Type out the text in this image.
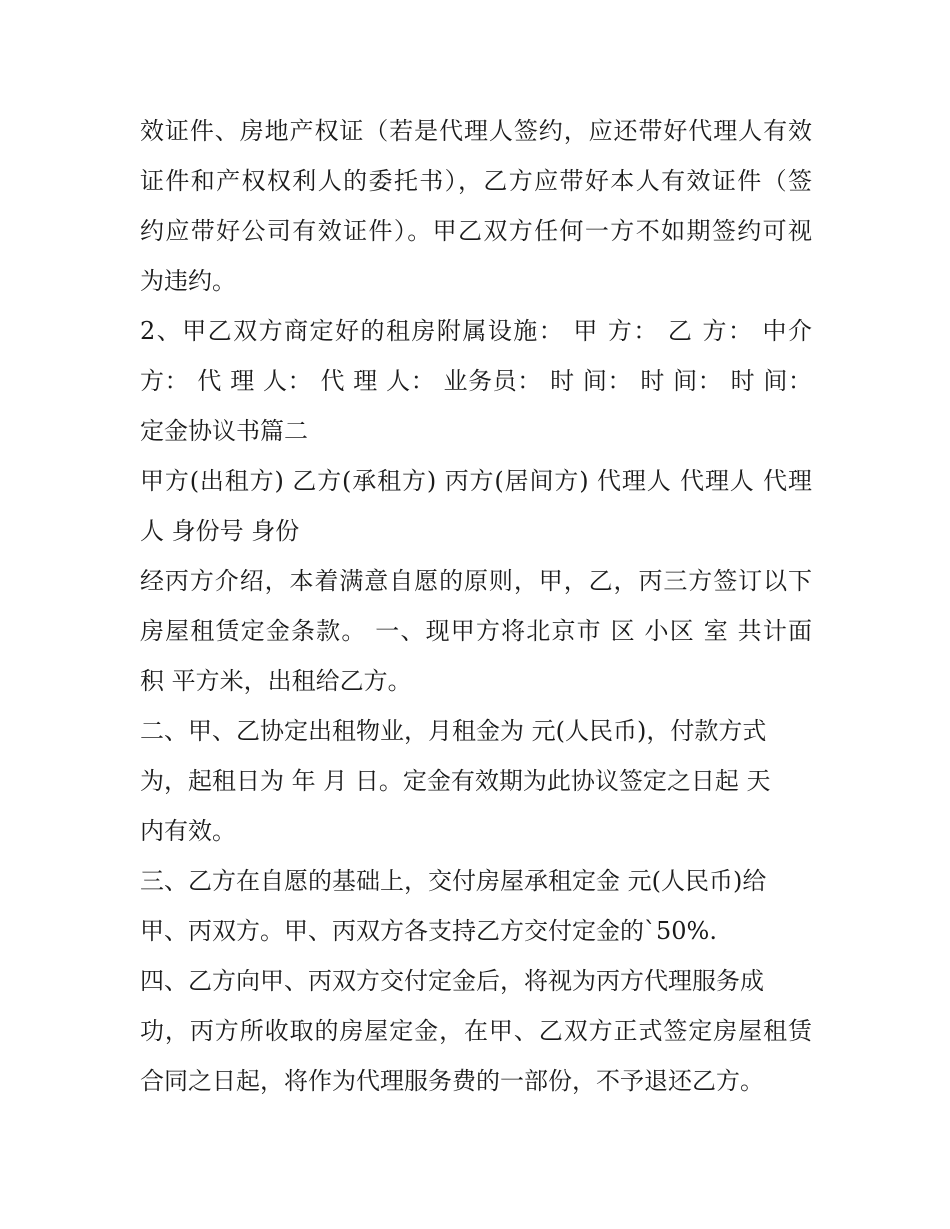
效证件、房地产权证（若是代理人签约，应还带好代理人有效
证件和产权权利人的委托书），乙方应带好本人有效证件（签
约应带好公司有效证件）。甲乙双方任何一方不如期签约可视
为违约。
2、甲乙双方商定好的租房附属设施： 甲 方： 乙 方： 中介
方： 代 理 人： 代 理 人： 业务员： 时 间： 时 间： 时 间：
定金协议书篇二
甲方(出租方) 乙方(承租方) 丙方(居间方) 代理人 代理人 代理
人 身份号 身份
经丙方介绍，本着满意自愿的原则，甲，乙，丙三方签订以下
房屋租赁定金条款。 一、现甲方将北京市 区 小区 室 共计面
积 平方米，出租给乙方。
二、甲、乙协定出租物业，月租金为 元(人民币)，付款方式
为，起租日为 年 月 日。定金有效期为此协议签定之日起 天
内有效。
三、乙方在自愿的基础上，交付房屋承租定金 元(人民币)给
甲、丙双方。甲、丙双方各支持乙方交付定金的`50%.
四、乙方向甲、丙双方交付定金后，将视为丙方代理服务成
功，丙方所收取的房屋定金，在甲、乙双方正式签定房屋租赁
合同之日起，将作为代理服务费的一部份，不予退还乙方。
